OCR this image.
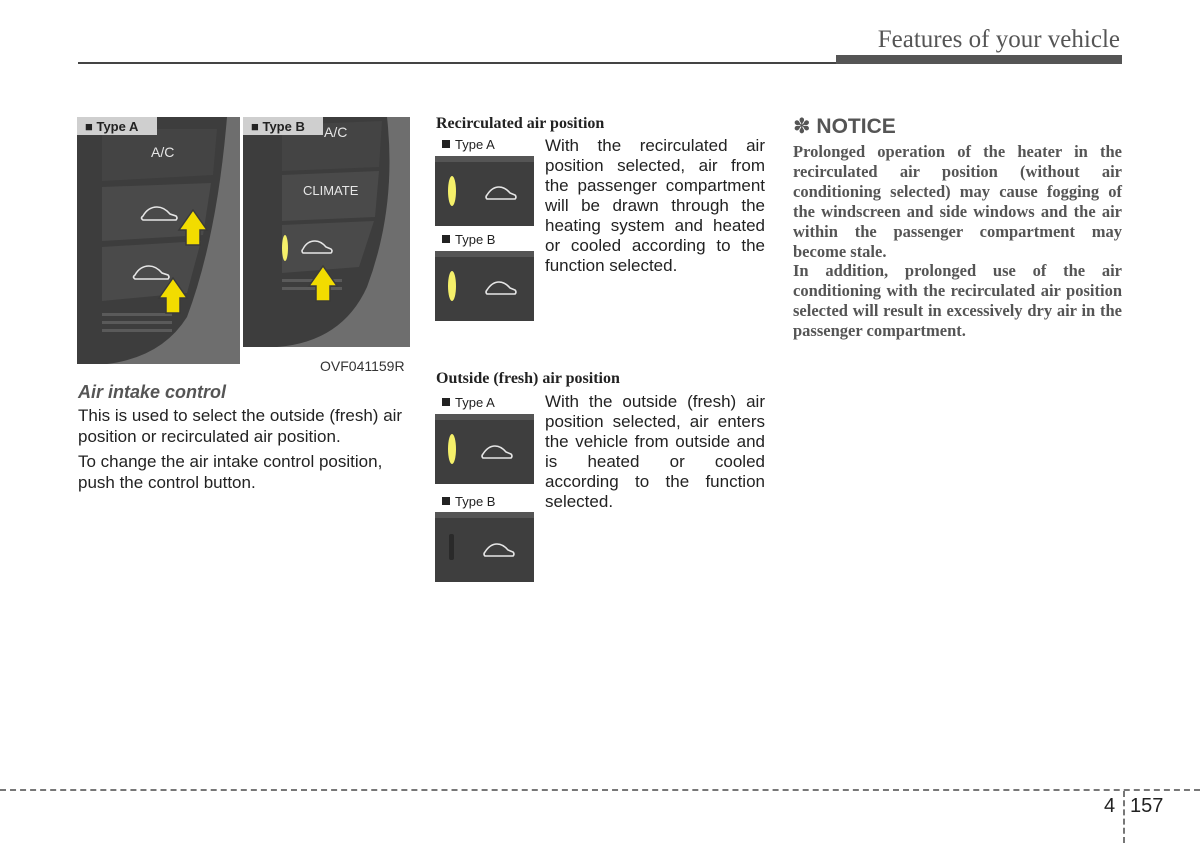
Features of your vehicle
■ Type A
A/C
■ Type B A/C
CLIMATE
OVF041159R
Air intake control

This is used to select the outside (fresh) air position or recirculated air position.

To change the air intake control position, push the control button.

Recirculated air position
Type A
Type B
With the recirculated air position selected, air from the passenger compartment will be drawn through the heating system and heated or cooled according to the function selected.
Outside (fresh) air position
Type A
Type B
With the outside (fresh) air position selected, air enters the vehicle from outside and is heated or cooled according to the function selected.
✽ NOTICE

Prolonged operation of the heater in the recirculated air position (without air conditioning selected) may cause fogging of the windscreen and side windows and the air within the passenger compartment may become stale.

In addition, prolonged use of the air conditioning with the recirculated air position selected will result in excessively dry air in the passenger compartment.

4 157
